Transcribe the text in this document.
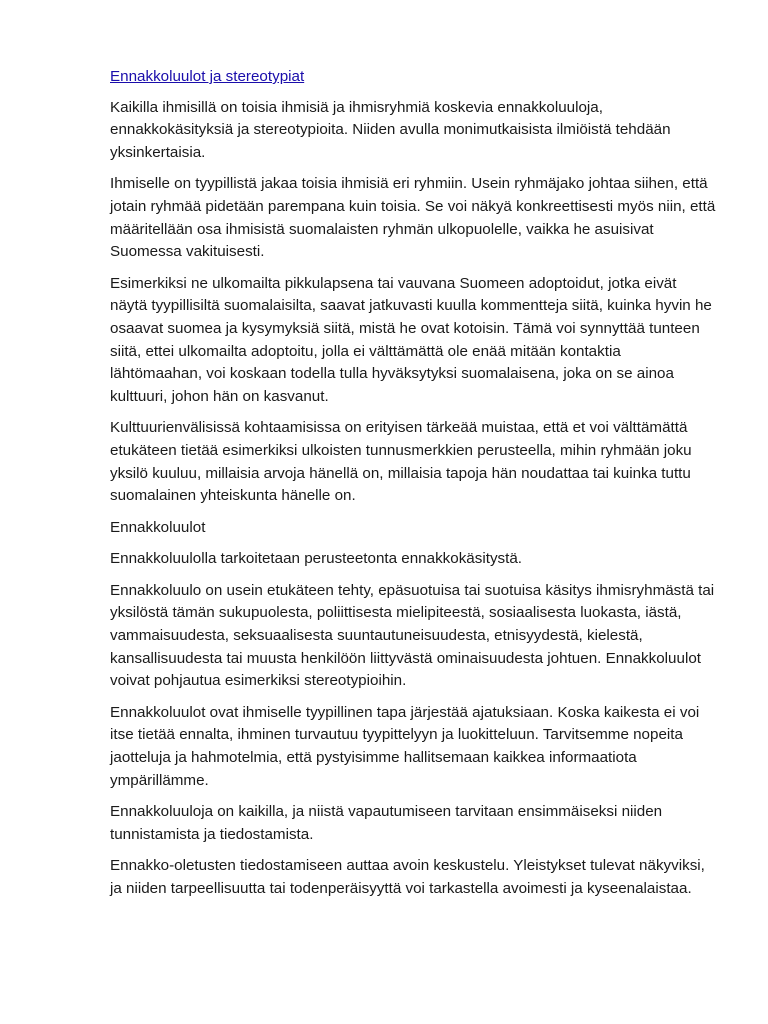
Ennakkoluulot ja stereotypiat

Kaikilla ihmisillä on toisia ihmisiä ja ihmisryhmiä koskevia ennakkoluuloja, ennakkokäsityksiä ja stereotypioita. Niiden avulla monimutkaisista ilmiöistä tehdään yksinkertaisia.

Ihmiselle on tyypillistä jakaa toisia ihmisiä eri ryhmiin. Usein ryhmäjako johtaa siihen, että jotain ryhmää pidetään parempana kuin toisia. Se voi näkyä konkreettisesti myös niin, että määritellään osa ihmisistä suomalaisten ryhmän ulkopuolelle, vaikka he asuisivat Suomessa vakituisesti.

Esimerkiksi ne ulkomailta pikkulapsena tai vauvana Suomeen adoptoidut, jotka eivät näytä tyypillisiltä suomalaisilta, saavat jatkuvasti kuulla kommentteja siitä, kuinka hyvin he osaavat suomea ja kysymyksiä siitä, mistä he ovat kotoisin. Tämä voi synnyttää tunteen siitä, ettei ulkomailta adoptoitu, jolla ei välttämättä ole enää mitään kontaktia lähtömaahan, voi koskaan todella tulla hyväksytyksi suomalaisena, joka on se ainoa kulttuuri, johon hän on kasvanut.

Kulttuurienvälisissä kohtaamisissa on erityisen tärkeää muistaa, että et voi välttämättä etukäteen tietää esimerkiksi ulkoisten tunnusmerkkien perusteella, mihin ryhmään joku yksilö kuuluu, millaisia arvoja hänellä on, millaisia tapoja hän noudattaa tai kuinka tuttu suomalainen yhteiskunta hänelle on.

Ennakkoluulot

Ennakkoluulolla tarkoitetaan perusteetonta ennakkokäsitystä.

Ennakkoluulo on usein etukäteen tehty, epäsuotuisa tai suotuisa käsitys ihmisryhmästä tai yksilöstä tämän sukupuolesta, poliittisesta mielipiteestä, sosiaalisesta luokasta, iästä, vammaisuudesta, seksuaalisesta suuntautuneisuudesta, etnisyydestä, kielestä, kansallisuudesta tai muusta henkilöön liittyvästä ominaisuudesta johtuen. Ennakkoluulot voivat pohjautua esimerkiksi stereotypioihin.

Ennakkoluulot ovat ihmiselle tyypillinen tapa järjestää ajatuksiaan. Koska kaikesta ei voi itse tietää ennalta, ihminen turvautuu tyypittelyyn ja luokitteluun. Tarvitsemme nopeita jaotteluja ja hahmotelmia, että pystyisimme hallitsemaan kaikkea informaatiota ympärillämme.

Ennakkoluuloja on kaikilla, ja niistä vapautumiseen tarvitaan ensimmäiseksi niiden tunnistamista ja tiedostamista.

Ennakko-oletusten tiedostamiseen auttaa avoin keskustelu. Yleistykset tulevat näkyviksi, ja niiden tarpeellisuutta tai todenperäisyyttä voi tarkastella avoimesti ja kyseenalaistaa.
